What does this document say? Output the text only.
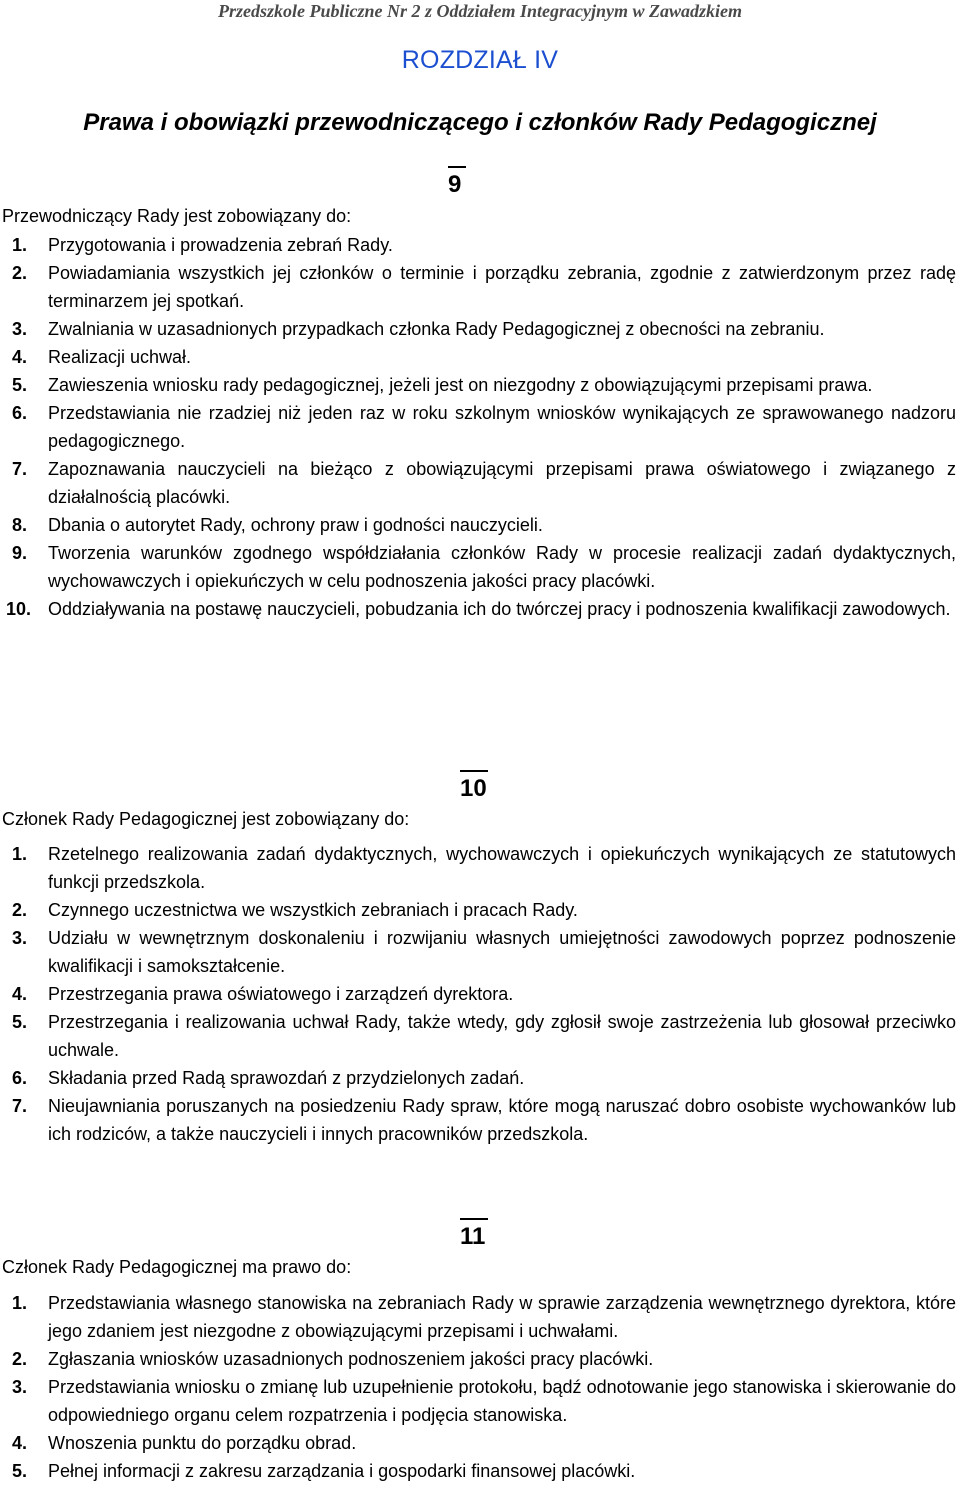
Przedszkole Publiczne Nr 2 z Oddziałem Integracyjnym w Zawadzkiem
ROZDZIAŁ IV
Prawa i obowiązki przewodniczącego i członków Rady Pedagogicznej
9
Przewodniczący Rady jest zobowiązany do:
1. Przygotowania i prowadzenia zebrań Rady.
2. Powiadamiania wszystkich jej członków o terminie i porządku zebrania, zgodnie z zatwierdzonym przez radę terminarzem jej spotkań.
3. Zwalniania w uzasadnionych przypadkach członka Rady Pedagogicznej z obecności na zebraniu.
4. Realizacji uchwał.
5. Zawieszenia wniosku rady pedagogicznej, jeżeli jest on niezgodny z obowiązującymi przepisami prawa.
6. Przedstawiania nie rzadziej niż jeden raz w roku szkolnym wniosków wynikających ze sprawowanego nadzoru pedagogicznego.
7. Zapoznawania nauczycieli na bieżąco z obowiązującymi przepisami prawa oświatowego i związanego z działalnością placówki.
8. Dbania o autorytet Rady, ochrony praw i godności nauczycieli.
9. Tworzenia warunków zgodnego współdziałania członków Rady w procesie realizacji zadań dydaktycznych, wychowawczych i opiekuńczych w celu podnoszenia jakości pracy placówki.
10. Oddziaływania na postawę nauczycieli, pobudzania ich do twórczej pracy i podnoszenia kwalifikacji zawodowych.
10
Członek Rady Pedagogicznej jest zobowiązany do:
1. Rzetelnego realizowania zadań dydaktycznych, wychowawczych i opiekuńczych wynikających ze statutowych funkcji przedszkola.
2. Czynnego uczestnictwa we wszystkich zebraniach i pracach Rady.
3. Udziału w wewnętrznym doskonaleniu i rozwijaniu własnych umiejętności zawodowych poprzez podnoszenie kwalifikacji i samokształcenie.
4. Przestrzegania prawa oświatowego i zarządzeń dyrektora.
5. Przestrzegania i realizowania uchwał Rady, także wtedy, gdy zgłosił swoje zastrzeżenia lub głosował przeciwko uchwale.
6. Składania przed Radą sprawozdań z przydzielonych zadań.
7. Nieujawniania poruszanych na posiedzeniu Rady spraw, które mogą naruszać dobro osobiste wychowanków lub ich rodziców, a także nauczycieli i innych pracowników przedszkola.
11
Członek Rady Pedagogicznej ma prawo do:
1. Przedstawiania własnego stanowiska na zebraniach Rady w sprawie zarządzenia wewnętrznego dyrektora, które jego zdaniem jest niezgodne z obowiązującymi przepisami i uchwałami.
2. Zgłaszania wniosków uzasadnionych podnoszeniem jakości pracy placówki.
3. Przedstawiania wniosku o zmianę lub uzupełnienie protokołu, bądź odnotowanie jego stanowiska i skierowanie do odpowiedniego organu celem rozpatrzenia i podjęcia stanowiska.
4. Wnoszenia punktu do porządku obrad.
5. Pełnej informacji z zakresu zarządzania i gospodarki finansowej placówki.
